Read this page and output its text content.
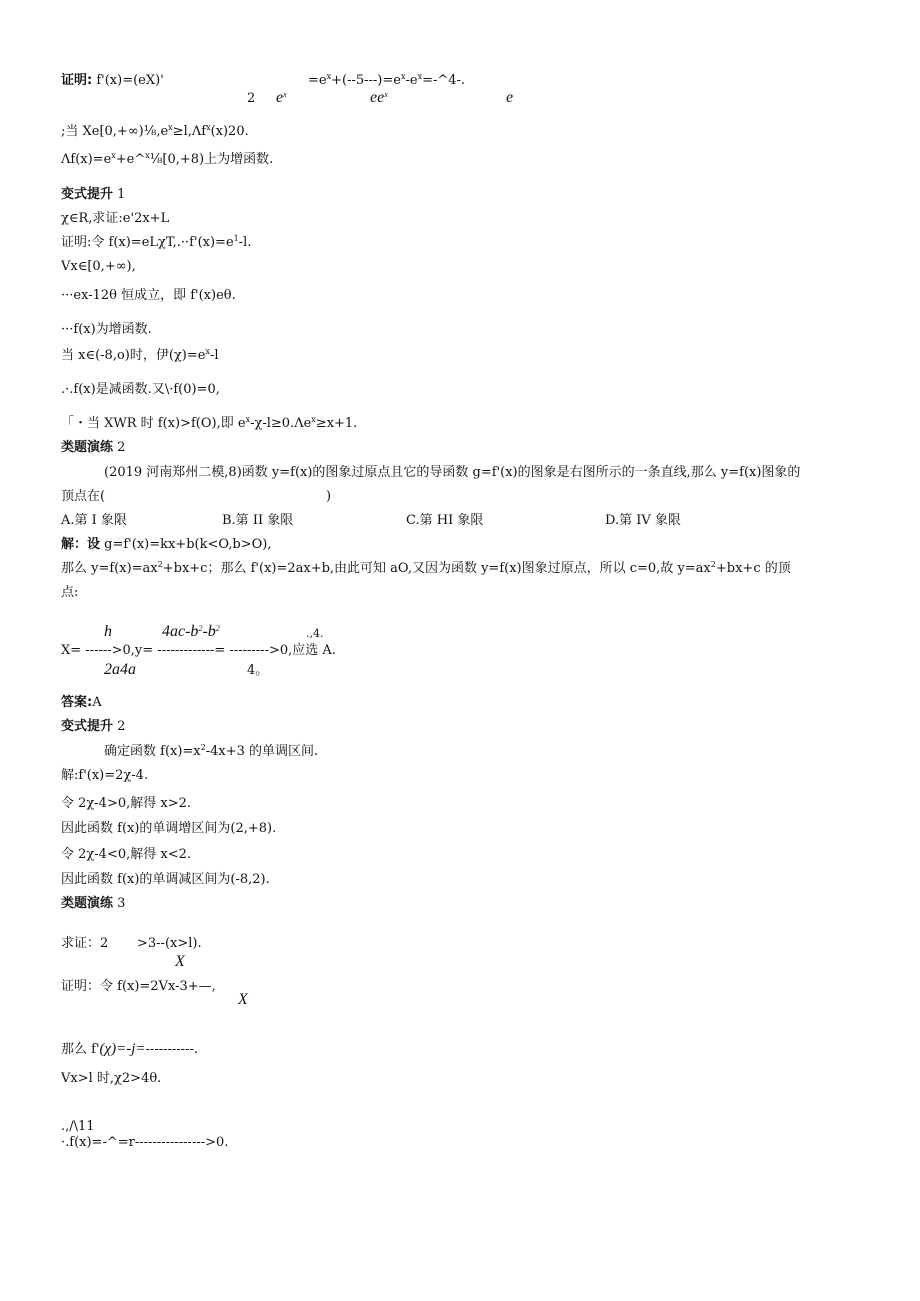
证明: f'(x)=(eX)'	$=e^x+(--5---)=e^x-e^x=-\^{}4-$.
2 $e^x$	$ee^x$	e
;当 $Xe[0,+\infty)\frac{1}{8},e^x\ge l,\Lambda f^x(x)20$.
$\Lambda f(x)=e^x+e\^{}^x\frac{1}{8}[0,+8)$上为增函数.
变式提升 1
χ∈R,求证:e'2x+L
证明:令 $f(x)=eL\chi T,.\cdot\cdot f'(x)=e^1-l$.
Vx∈[0,+∞),
···ex-12θ 恒成立，即 f'(x)eθ.
···f(x)为增函数.
当 x∈(-8,o)时，伊$(\chi)=e^x-l$
.·.f(x)是减函数.又\·f(0)=0,
「・当 XWR 时 f(x)>f(O),即 $e^x-\chi-l\ge 0.\Lambda e^x\ge x+1$.
类题演练 2
(2019 河南郑州二模,8)函数 y=f(x)的图象过原点且它的导函数 g=f'(x)的图象是右图所示的一条直线,那么 y=f(x)图象的
顶点在(	)
A.第 I 象限	B.第 II 象限	C.第 HI 象限	D.第 IV 象限
解：设 g=f'(x)=kx+b(k<O,b>O),
那么 $y=f(x)=ax^2+bx+c$；那么 f'(x)=2ax+b,由此可知 aO,又因为函数 y=f(x)图象过原点，所以 c=0,故 $y=ax^2+bx+c$ 的顶
点:
h	$4ac-b^2-b^2$	.,4.
X= ------>0,y= -------------= --------->0,应选 A.
2a4a	4。
答案:A
变式提升 2
确定函数 $f(x)=x^2-4x+3$ 的单调区间.
解:f'(x)=2χ-4.
令 2χ-4>0,解得 x>2.
因此函数 f(x)的单调增区间为(2,+8).
令 2χ-4<0,解得 x<2.
因此函数 f(x)的单调减区间为(-8,2).
类题演练 3
求证：2 >3--(x>l).
X
证明：令 f(x)=2Vx-3+—,
X
那么 f'(χ)=-j=-----------.
Vx>l 时,χ2>4θ.
.,/\11
·.f(x)=-^=r---------------->0.
